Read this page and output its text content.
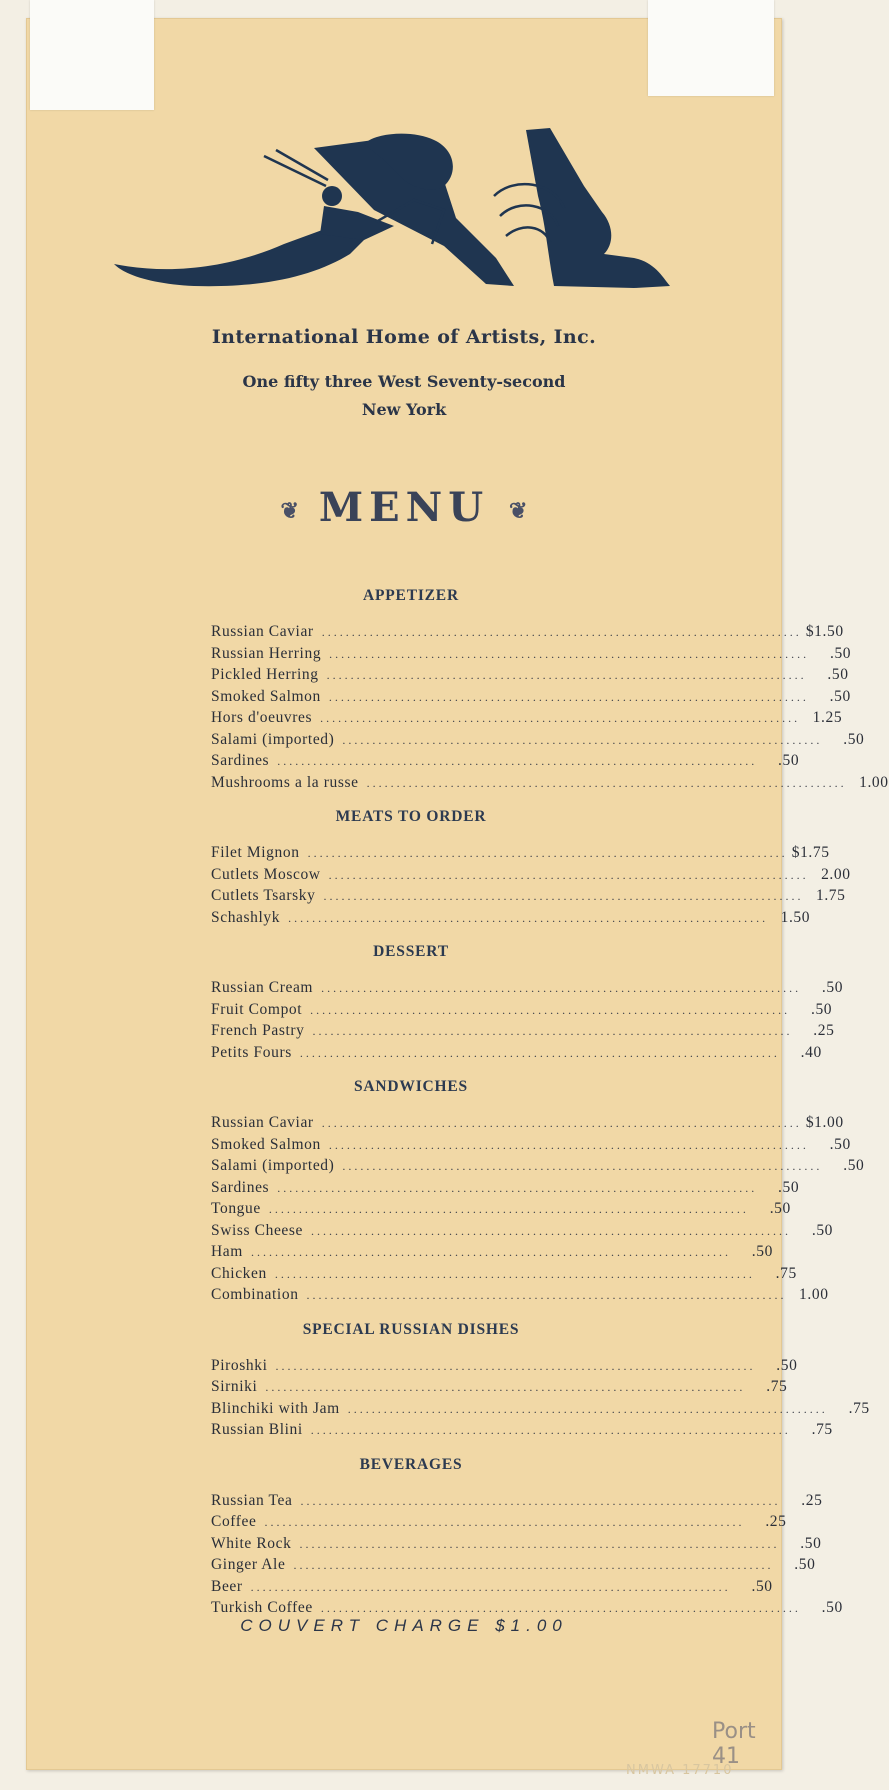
International Home of Artists, Inc.
One fifty three West Seventy-second
New York
❦ MENU ❦
APPETIZER
Russian Caviar ................................................................................ $1.50
Russian Herring ................................................................................	.50
Pickled Herring ................................................................................	.50
Smoked Salmon ................................................................................	.50
Hors d'oeuvres ................................................................................ 1.25
Salami (imported) ................................................................................	.50
Sardines ................................................................................	.50
Mushrooms a la russe ................................................................................ 1.00
MEATS TO ORDER
Filet Mignon ................................................................................ $1.75
Cutlets Moscow ................................................................................ 2.00
Cutlets Tsarsky ................................................................................ 1.75
Schashlyk ................................................................................ 1.50
DESSERT
Russian Cream ................................................................................	.50
Fruit Compot ................................................................................	.50
French Pastry ................................................................................	.25
Petits Fours ................................................................................	.40
SANDWICHES
Russian Caviar ................................................................................ $1.00
Smoked Salmon ................................................................................	.50
Salami (imported) ................................................................................	.50
Sardines ................................................................................	.50
Tongue ................................................................................	.50
Swiss Cheese ................................................................................	.50
Ham ................................................................................	.50
Chicken ................................................................................	.75
Combination ................................................................................ 1.00
SPECIAL RUSSIAN DISHES
Piroshki ................................................................................	.50
Sirniki ................................................................................	.75
Blinchiki with Jam ................................................................................	.75
Russian Blini ................................................................................	.75
BEVERAGES
Russian Tea ................................................................................	.25
Coffee ................................................................................	.25
White Rock ................................................................................	.50
Ginger Ale ................................................................................	.50
Beer ................................................................................	.50
Turkish Coffee ................................................................................	.50
COUVERT CHARGE $1.00
Port 41
NMWA 17710
